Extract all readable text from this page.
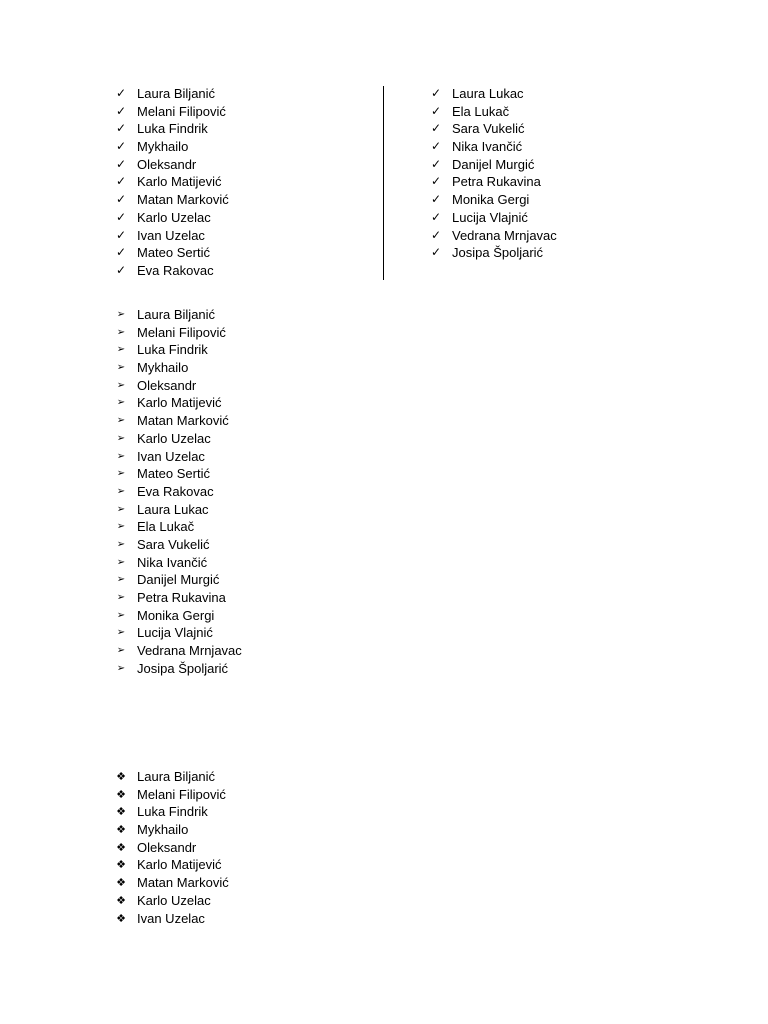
✓ Laura Biljanić
✓ Melani Filipović
✓ Luka Findrik
✓ Mykhailo
✓ Oleksandr
✓ Karlo Matijević
✓ Matan Marković
✓ Karlo Uzelac
✓ Ivan Uzelac
✓ Mateo Sertić
✓ Eva Rakovac
✓ Laura Lukac
✓ Ela Lukač
✓ Sara Vukelić
✓ Nika Ivančić
✓ Danijel Murgić
✓ Petra Rukavina
✓ Monika Gergi
✓ Lucija Vlajnić
✓ Vedrana Mrnjavac
✓ Josipa Špoljarić
➢ Laura Biljanić
➢ Melani Filipović
➢ Luka Findrik
➢ Mykhailo
➢ Oleksandr
➢ Karlo Matijević
➢ Matan Marković
➢ Karlo Uzelac
➢ Ivan Uzelac
➢ Mateo Sertić
➢ Eva Rakovac
➢ Laura Lukac
➢ Ela Lukač
➢ Sara Vukelić
➢ Nika Ivančić
➢ Danijel Murgić
➢ Petra Rukavina
➢ Monika Gergi
➢ Lucija Vlajnić
➢ Vedrana Mrnjavac
➢ Josipa Špoljarić
❖ Laura Biljanić
❖ Melani Filipović
❖ Luka Findrik
❖ Mykhailo
❖ Oleksandr
❖ Karlo Matijević
❖ Matan Marković
❖ Karlo Uzelac
❖ Ivan Uzelac
